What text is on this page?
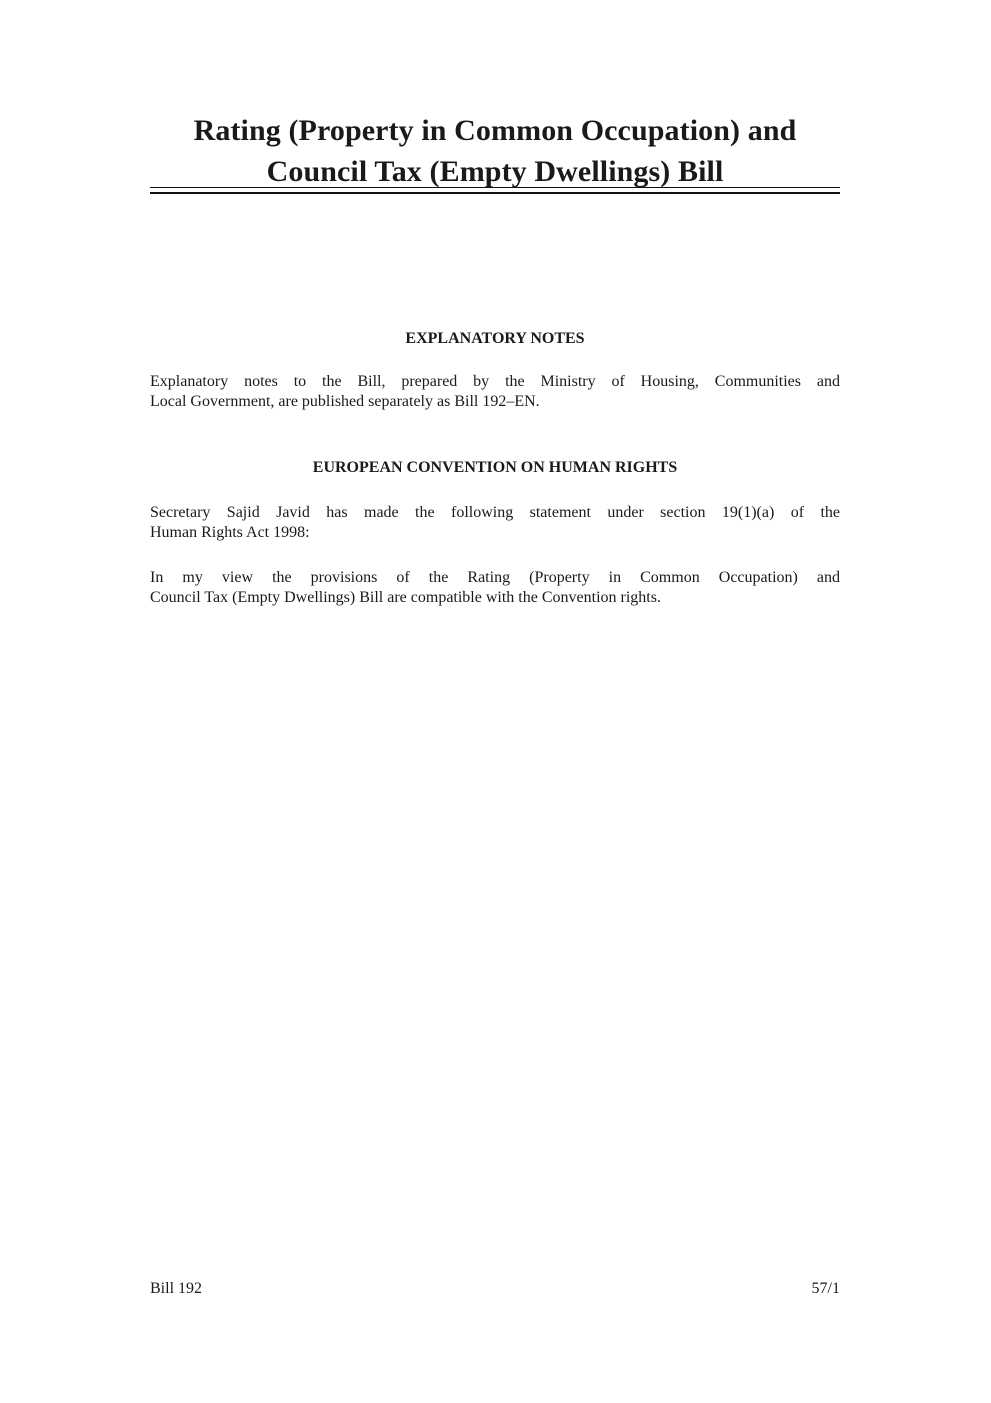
Rating (Property in Common Occupation) and
Council Tax (Empty Dwellings) Bill
EXPLANATORY NOTES

Explanatory notes to the Bill, prepared by the Ministry of Housing, Communities and
Local Government, are published separately as Bill 192–EN.

EUROPEAN CONVENTION ON HUMAN RIGHTS

Secretary Sajid Javid has made the following statement under section 19(1)(a) of the
Human Rights Act 1998:

In my view the provisions of the Rating (Property in Common Occupation) and
Council Tax (Empty Dwellings) Bill are compatible with the Convention rights.

Bill 192	57/1
